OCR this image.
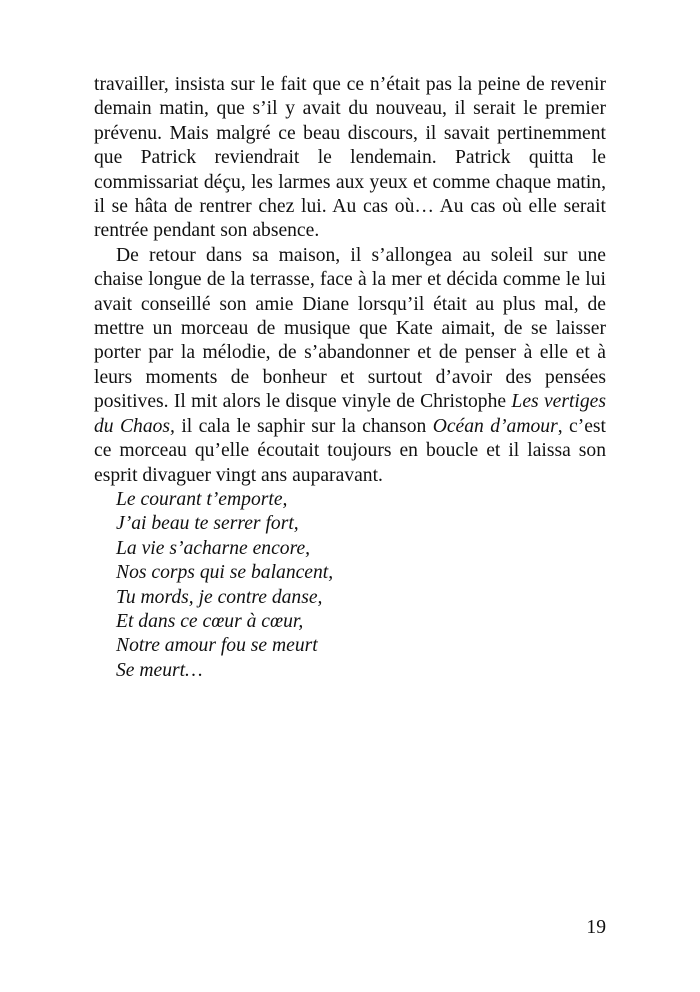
travailler, insista sur le fait que ce n’était pas la peine de revenir demain matin, que s’il y avait du nouveau, il serait le premier prévenu. Mais malgré ce beau discours, il savait pertinemment que Patrick reviendrait le lendemain. Patrick quitta le commissariat déçu, les larmes aux yeux et comme chaque matin, il se hâta de rentrer chez lui. Au cas où… Au cas où elle serait rentrée pendant son absence.

De retour dans sa maison, il s’allongea au soleil sur une chaise longue de la terrasse, face à la mer et décida comme le lui avait conseillé son amie Diane lorsqu’il était au plus mal, de mettre un morceau de musique que Kate aimait, de se laisser porter par la mélodie, de s’abandonner et de penser à elle et à leurs moments de bonheur et surtout d’avoir des pensées positives. Il mit alors le disque vinyle de Christophe Les vertiges du Chaos, il cala le saphir sur la chanson Océan d’amour, c’est ce morceau qu’elle écoutait toujours en boucle et il laissa son esprit divaguer vingt ans auparavant.

Le courant t’emporte,
J’ai beau te serrer fort,
La vie s’acharne encore,
Nos corps qui se balancent,
Tu mords, je contre danse,
Et dans ce cœur à cœur,
Notre amour fou se meurt
Se meurt…
19
